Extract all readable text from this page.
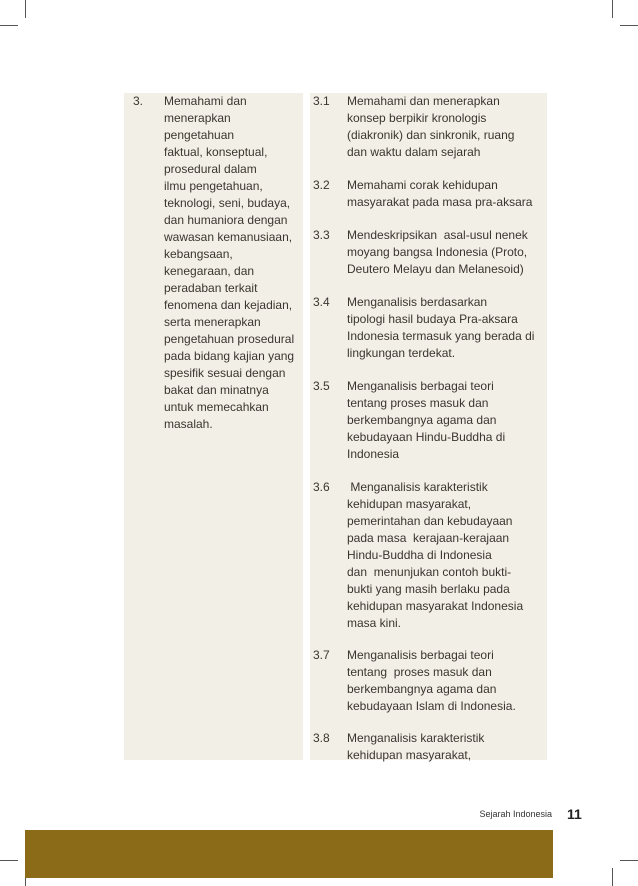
3. Memahami dan
menerapkan
pengetahuan
faktual, konseptual,
prosedural dalam
ilmu pengetahuan,
teknologi, seni, budaya,
dan humaniora dengan
wawasan kemanusiaan,
kebangsaan,
kenegaraan, dan
peradaban terkait
fenomena dan kejadian,
serta menerapkan
pengetahuan prosedural
pada bidang kajian yang
spesifik sesuai dengan
bakat dan minatnya
untuk memecahkan
masalah.
3.1 Memahami dan menerapkan
konsep berpikir kronologis
(diakronik) dan sinkronik, ruang
dan waktu dalam sejarah
3.2 Memahami corak kehidupan
masyarakat pada masa pra-aksara
3.3 Mendeskripsikan  asal-usul nenek
moyang bangsa Indonesia (Proto,
Deutero Melayu dan Melanesoid)
3.4 Menganalisis berdasarkan
tipologi hasil budaya Pra-aksara
Indonesia termasuk yang berada di
lingkungan terdekat.
3.5 Menganalisis berbagai teori
tentang proses masuk dan
berkembangnya agama dan
kebudayaan Hindu-Buddha di
Indonesia
3.6 Menganalisis karakteristik
kehidupan masyarakat,
pemerintahan dan kebudayaan
pada masa  kerajaan-kerajaan
Hindu-Buddha di Indonesia
dan  menunjukan contoh bukti-
bukti yang masih berlaku pada
kehidupan masyarakat Indonesia
masa kini.
3.7 Menganalisis berbagai teori
tentang  proses masuk dan
berkembangnya agama dan
kebudayaan Islam di Indonesia.
3.8 Menganalisis karakteristik
kehidupan masyarakat,
Sejarah Indonesia 11
